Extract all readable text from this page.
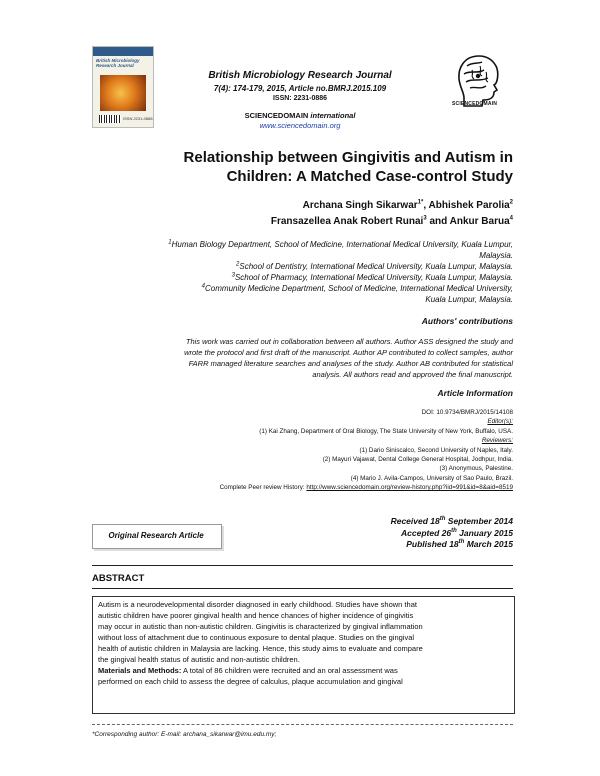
British Microbiology Research Journal
ISSN 2231-0886
British Microbiology Research Journal
7(4): 174-179, 2015, Article no.BMRJ.2015.109
ISSN: 2231-0886
SCIENCEDOMAIN international
www.sciencedomain.org
SCIENCEDOMAIN
Relationship between Gingivitis and Autism in
Children: A Matched Case-control Study
Archana Singh Sikarwar$^{1*}$, Abhishek Parolia$^2$
Fransazellea Anak Robert Runai$^3$ and Ankur Barua$^4$
$^1$Human Biology Department, School of Medicine, International Medical University, Kuala Lumpur,
Malaysia.
$^2$School of Dentistry, International Medical University, Kuala Lumpur, Malaysia.
$^3$School of Pharmacy, International Medical University, Kuala Lumpur, Malaysia.
$^4$Community Medicine Department, School of Medicine, International Medical University,
Kuala Lumpur, Malaysia.
Authors' contributions
This work was carried out in collaboration between all authors. Author ASS designed the study and
wrote the protocol and first draft of the manuscript. Author AP contributed to collect samples, author
FARR managed literature searches and analyses of the study. Author AB contributed for statistical
analysis. All authors read and approved the final manuscript.
Article Information
DOI: 10.9734/BMRJ/2015/14108
Editor(s):
(1) Kai Zhang, Department of Oral Biology, The State University of New York, Buffalo, USA.
Reviewers:
(1) Dario Siniscalco, Second University of Naples, Italy.
(2) Mayuri Vajawat, Dental College General Hospital, Jodhpur, India.
(3) Anonymous, Palestine.
(4) Mario J. Avila-Campos, University of Sao Paulo, Brazil.
Complete Peer review History: http://www.sciencedomain.org/review-history.php?iid=991&id=8&aid=8519
Original Research Article
Received 18th September 2014
Accepted 26th January 2015
Published 18th March 2015
ABSTRACT
Autism is a neurodevelopmental disorder diagnosed in early childhood. Studies have shown that
autistic children have poorer gingival health and hence chances of higher incidence of gingivitis
may occur in autistic than non-autistic children. Gingivitis is characterized by gingival inflammation
without loss of attachment due to continuous exposure to dental plaque. Studies on the gingival
health of autistic children in Malaysia are lacking. Hence, this study aims to evaluate and compare
the gingival health status of autistic and non-autistic children.
Materials and Methods: A total of 86 children were recruited and an oral assessment was
performed on each child to assess the degree of calculus, plaque accumulation and gingival
*Corresponding author: E-mail: archana_sikarwar@imu.edu.my;
